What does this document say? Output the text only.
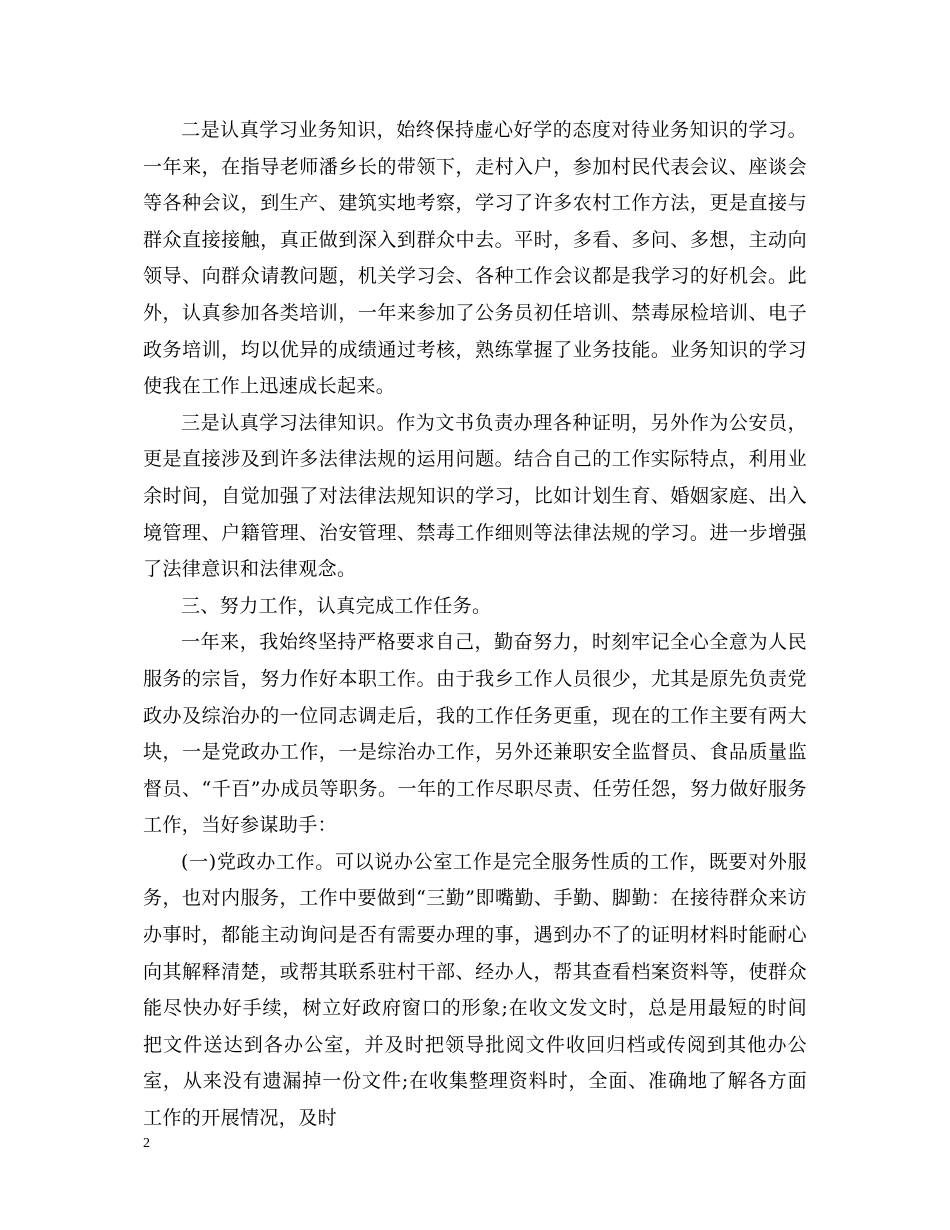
二是认真学习业务知识，始终保持虚心好学的态度对待业务知识的学习。一年来，在指导老师潘乡长的带领下，走村入户，参加村民代表会议、座谈会等各种会议，到生产、建筑实地考察，学习了许多农村工作方法，更是直接与群众直接接触，真正做到深入到群众中去。平时，多看、多问、多想，主动向领导、向群众请教问题，机关学习会、各种工作会议都是我学习的好机会。此外，认真参加各类培训，一年来参加了公务员初任培训、禁毒尿检培训、电子政务培训，均以优异的成绩通过考核，熟练掌握了业务技能。业务知识的学习使我在工作上迅速成长起来。

三是认真学习法律知识。作为文书负责办理各种证明，另外作为公安员，更是直接涉及到许多法律法规的运用问题。结合自己的工作实际特点，利用业余时间，自觉加强了对法律法规知识的学习，比如计划生育、婚姻家庭、出入境管理、户籍管理、治安管理、禁毒工作细则等法律法规的学习。进一步增强了法律意识和法律观念。

三、努力工作，认真完成工作任务。

一年来，我始终坚持严格要求自己，勤奋努力，时刻牢记全心全意为人民服务的宗旨，努力作好本职工作。由于我乡工作人员很少，尤其是原先负责党政办及综治办的一位同志调走后，我的工作任务更重，现在的工作主要有两大块，一是党政办工作，一是综治办工作，另外还兼职安全监督员、食品质量监督员、“千百”办成员等职务。一年的工作尽职尽责、任劳任怨，努力做好服务工作，当好参谋助手：

(一)党政办工作。可以说办公室工作是完全服务性质的工作，既要对外服务，也对内服务，工作中要做到“三勤”即嘴勤、手勤、脚勤：在接待群众来访办事时，都能主动询问是否有需要办理的事，遇到办不了的证明材料时能耐心向其解释清楚，或帮其联系驻村干部、经办人，帮其查看档案资料等，使群众能尽快办好手续，树立好政府窗口的形象;在收文发文时，总是用最短的时间把文件送达到各办公室，并及时把领导批阅文件收回归档或传阅到其他办公室，从来没有遗漏掉一份文件;在收集整理资料时，全面、准确地了解各方面工作的开展情况，及时

2
